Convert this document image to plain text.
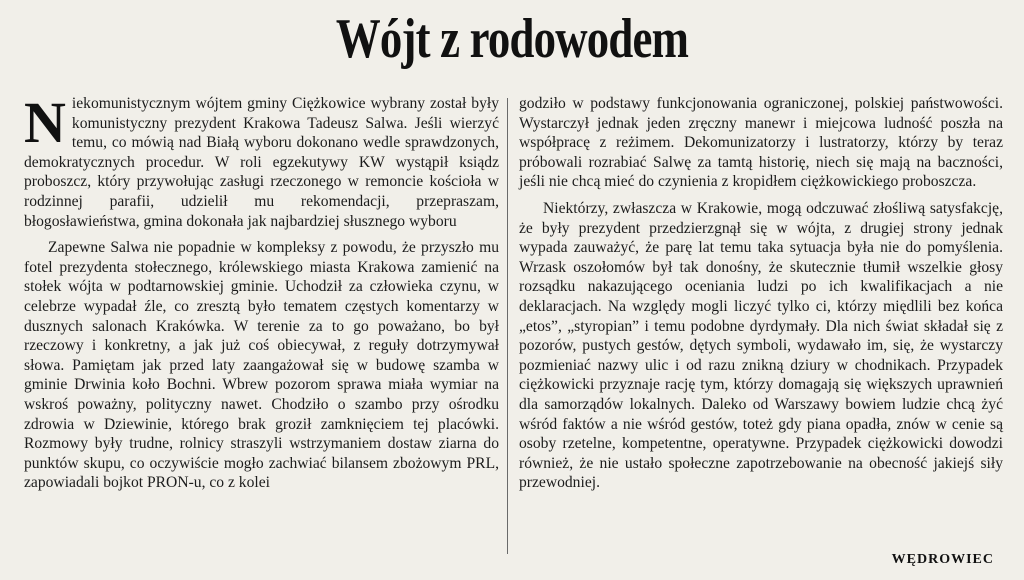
Wójt z rodowodem

Niekomunistycznym wójtem gminy Ciężkowice wybrany został były komunistyczny prezydent Krakowa Tadeusz Salwa. Jeśli wierzyć temu, co mówią nad Białą wyboru dokonano wedle sprawdzonych, demokratycznych procedur. W roli egzekutywy KW wystąpił ksiądz proboszcz, który przywołując zasługi rzeczonego w remoncie kościoła w rodzinnej parafii, udzielił mu rekomendacji, przepraszam, błogosławieństwa, gmina dokonała jak najbardziej słusznego wyboru

Zapewne Salwa nie popadnie w kompleksy z powodu, że przyszło mu fotel prezydenta stołecznego, królewskiego miasta Krakowa zamienić na stołek wójta w podtarnowskiej gminie. Uchodził za człowieka czynu, w celebrze wypadał źle, co zresztą było tematem częstych komentarzy w dusznych salonach Krakówka. W terenie za to go poważano, bo był rzeczowy i konkretny, a jak już coś obiecywał, z reguły dotrzymywał słowa. Pamiętam jak przed laty zaangażował się w budowę szamba w gminie Drwinia koło Bochni. Wbrew pozorom sprawa miała wymiar na wskroś poważny, polityczny nawet. Chodziło o szambo przy ośrodku zdrowia w Dziewinie, którego brak groził zamknięciem tej placówki. Rozmowy były trudne, rolnicy straszyli wstrzymaniem dostaw ziarna do punktów skupu, co oczywiście mogło zachwiać bilansem zbożowym PRL, zapowiadali bojkot PRON-u, co z kolei

godziło w podstawy funkcjonowania ograniczonej, polskiej państwowości. Wystarczył jednak jeden zręczny manewr i miejcowa ludność poszła na współpracę z reżimem. Dekomunizatorzy i lustratorzy, którzy by teraz próbowali rozrabiać Salwę za tamtą historię, niech się mają na baczności, jeśli nie chcą mieć do czynienia z kropidłem ciężkowickiego proboszcza.

Niektórzy, zwłaszcza w Krakowie, mogą odczuwać złośliwą satysfakcję, że były prezydent przedzierzgnął się w wójta, z drugiej strony jednak wypada zauważyć, że parę lat temu taka sytuacja była nie do pomyślenia. Wrzask oszołomów był tak donośny, że skutecznie tłumił wszelkie głosy rozsądku nakazującego oceniania ludzi po ich kwalifikacjach a nie deklaracjach. Na względy mogli liczyć tylko ci, którzy międlili bez końca „etos”, „styropian” i temu podobne dyrdymały. Dla nich świat składał się z pozorów, pustych gestów, dętych symboli, wydawało im, się, że wystarczy pozmieniać nazwy ulic i od razu znikną dziury w chodnikach. Przypadek ciężkowicki przyznaje rację tym, którzy domagają się większych uprawnień dla samorządów lokalnych. Daleko od Warszawy bowiem ludzie chcą żyć wśród faktów a nie wśród gestów, toteż gdy piana opadła, znów w cenie są osoby rzetelne, kompetentne, operatywne. Przypadek ciężkowicki dowodzi również, że nie ustało społeczne zapotrzebowanie na obecność jakiejś siły przewodniej.

WĘDROWIEC
